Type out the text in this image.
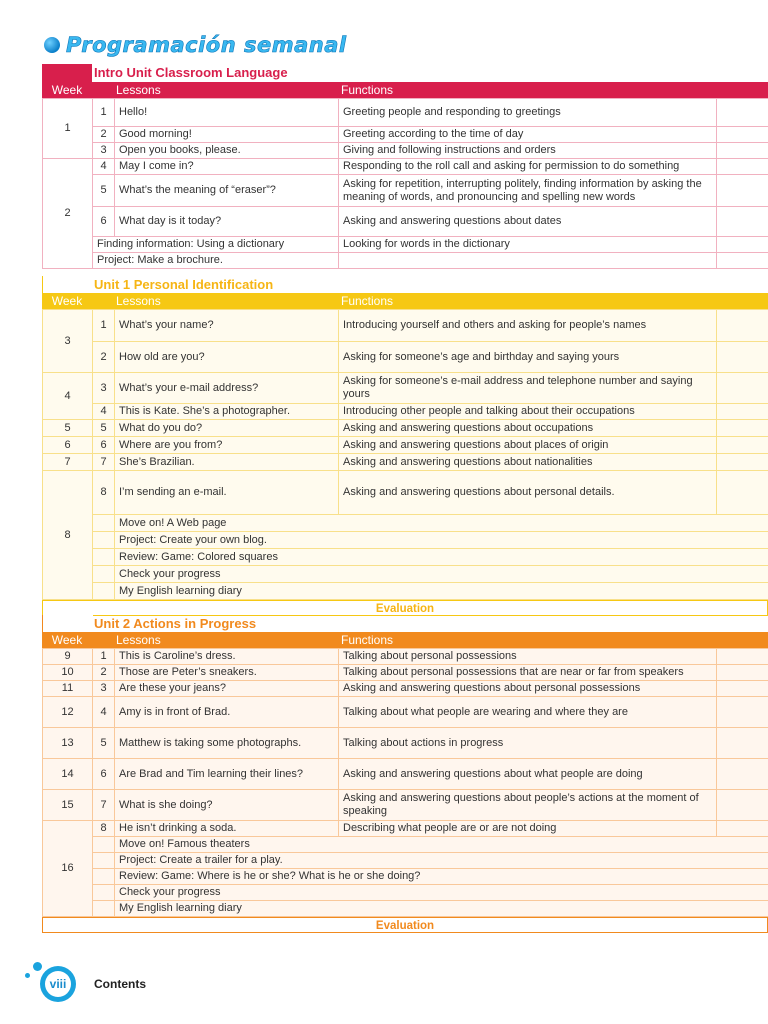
Programación semanal
Intro Unit Classroom Language
Week	Lessons	Functions
1	1	Hello!	Greeting people and responding to greetings	
	2	Good morning!	Greeting according to the time of day	
	3	Open you books, please.	Giving and following instructions and orders	
2	4	May I come in?	Responding to the roll call and asking for permission to do something	
	5	What’s the meaning of “eraser”?	Asking for repetition, interrupting politely, finding information by asking the meaning of words, and pronouncing and spelling new words	
	6	What day is it today?	Asking and answering questions about dates	
	Finding information: Using a dictionary		Looking for words in the dictionary	
	Project: Make a brochure.			
Unit 1 Personal Identification
Week	Lessons	Functions
3	1	What’s your name?	Introducing yourself and others and asking for people’s names	
	2	How old are you?	Asking for someone’s age and birthday and saying yours	
4	3	What’s your e-mail address?	Asking for someone’s e-mail address and telephone number and saying yours	
	4	This is Kate. She’s a photographer.	Introducing other people and talking about their occupations	
5	5	What do you do?	Asking and answering questions about occupations	
6	6	Where are you from?	Asking and answering questions about places of origin	
7	7	She’s Brazilian.	Asking and answering questions about nationalities	
8	8	I’m sending an e-mail.	Asking and answering questions about personal details.	
		Move on! A Web page		
		Project: Create your own blog.		
		Review: Game: Colored squares		
		Check your progress		
		My English learning diary		
Evaluation
Unit 2 Actions in Progress
Week	Lessons	Functions
9	1	This is Caroline’s dress.	Talking about personal possessions	
10	2	Those are Peter’s sneakers.	Talking about personal possessions that are near or far from speakers	
11	3	Are these your jeans?	Asking and answering questions about personal possessions	
12	4	Amy is in front of Brad.	Talking about what people are wearing and where they are	
13	5	Matthew is taking some photographs.	Talking about actions in progress	
14	6	Are Brad and Tim learning their lines?	Asking and answering questions about what people are doing	
15	7	What is she doing?	Asking and answering questions about people’s actions at the moment of speaking	
16	8	He isn’t drinking a soda.	Describing what people are or are not doing	
		Move on! Famous theaters		
		Project: Create a trailer for a play.		
		Review: Game: Where is he or she? What is he or she doing?		
		Check your progress		
		My English learning diary		
Evaluation
viii	Contents
